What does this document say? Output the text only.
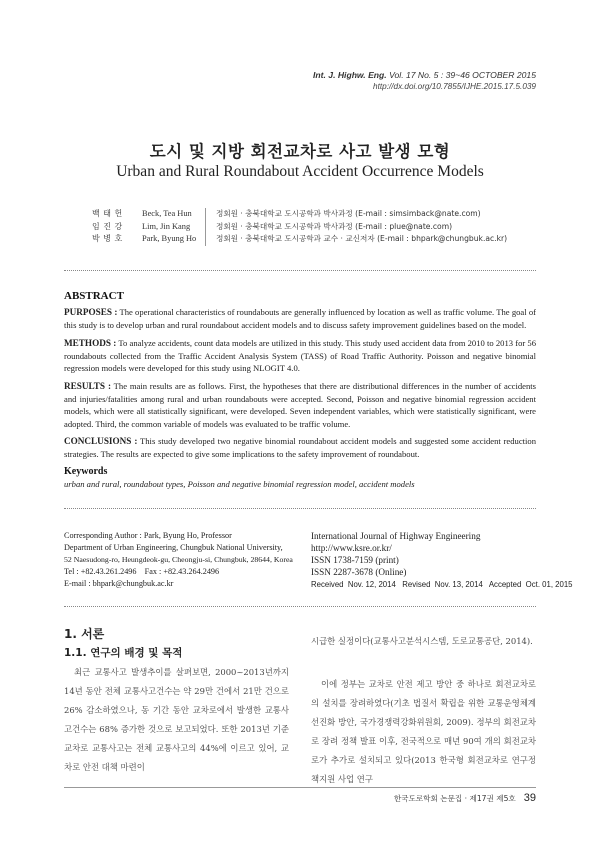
Int. J. Highw. Eng. Vol. 17 No. 5 : 39~46 OCTOBER 2015
http://dx.doi.org/10.7855/IJHE.2015.17.5.039
도시 및 지방 회전교차로 사고 발생 모형
Urban and Rural Roundabout Accident Occurrence Models
백 태 헌	Beck, Tea Hun	정회원 · 충북대학교 도시공학과 박사과정 (E-mail : simsimback@nate.com)
임 진 강	Lim, Jin Kang	정회원 · 충북대학교 도시공학과 박사과정 (E-mail : plue@nate.com)
박 병 호	Park, Byung Ho	정회원 · 충북대학교 도시공학과 교수 · 교신저자 (E-mail : bhpark@chungbuk.ac.kr)
ABSTRACT
PURPOSES : The operational characteristics of roundabouts are generally influenced by location as well as traffic volume. The goal of this study is to develop urban and rural roundabout accident models and to discuss safety improvement guidelines based on the model.
METHODS : To analyze accidents, count data models are utilized in this study. This study used accident data from 2010 to 2013 for 56 roundabouts collected from the Traffic Accident Analysis System (TASS) of Road Traffic Authority. Poisson and negative binomial regression models were developed for this study using NLOGIT 4.0.
RESULTS : The main results are as follows. First, the hypotheses that there are distributional differences in the number of accidents and injuries/fatalities among rural and urban roundabouts were accepted. Second, Poisson and negative binomial regression accident models, which were all statistically significant, were developed. Seven independent variables, which were statistically significant, were adopted. Third, the common variable of models was evaluated to be traffic volume.
CONCLUSIONS : This study developed two negative binomial roundabout accident models and suggested some accident reduction strategies. The results are expected to give some implications to the safety improvement of roundabout.
Keywords
urban and rural, roundabout types, Poisson and negative binomial regression model, accident models
Corresponding Author : Park, Byung Ho, Professor
Department of Urban Engineering, Chungbuk National University,
52 Naesudong-ro, Heungdeok-gu, Cheongju-si, Chungbuk, 28644, Korea
Tel : +82.43.261.2496    Fax : +82.43.264.2496
E-mail : bhpark@chungbuk.ac.kr
International Journal of Highway Engineering
http://www.ksre.or.kr/
ISSN 1738-7159 (print)
ISSN 2287-3678 (Online)
Received  Nov. 12, 2014   Revised  Nov. 13, 2014   Accepted  Oct. 01, 2015
1. 서론
1.1. 연구의 배경 및 목적
최근 교통사고 발생추이를 살펴보면, 2000~2013년까지 14년 동안 전체 교통사고건수는 약 29만 건에서 21만 건으로 26% 감소하였으나, 동 기간 동안 교차로에서 발생한 교통사고건수는 68% 증가한 것으로 보고되었다. 또한 2013년 기준 교차로 교통사고는 전체 교통사고의 44%에 이르고 있어, 교차로 안전 대책 마련이
시급한 실정이다(교통사고분석시스템, 도로교통공단, 2014).
이에 정부는 교차로 안전 제고 방안 중 하나로 회전교차로의 설치를 장려하였다(기초 법질서 확립을 위한 교통운영체계 선진화 방안, 국가경쟁력강화위원회, 2009). 정부의 회전교차로 장려 정책 발표 이후, 전국적으로 매년 90여 개의 회전교차로가 추가로 설치되고 있다(2013 한국형 회전교차로 연구정책지원 사업 연구
한국도로학회 논문집 · 제17권 제5호 39
